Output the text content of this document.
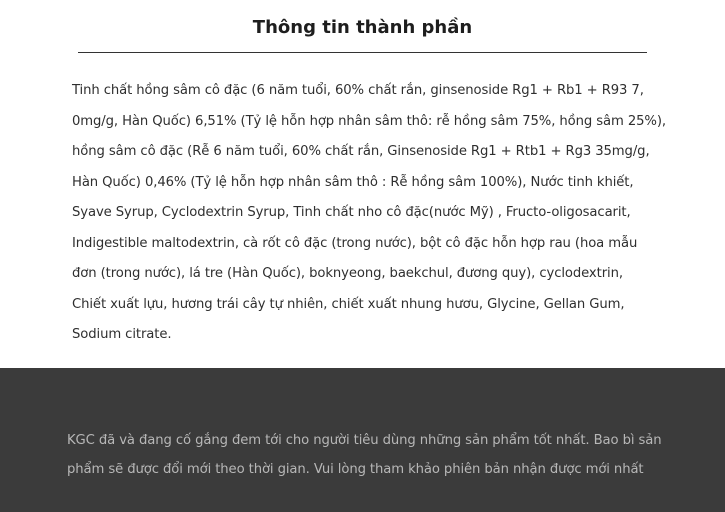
Thông tin thành phần

Tinh chất hồng sâm cô đặc (6 năm tuổi, 60% chất rắn, ginsenoside Rg1 + Rb1 + R93 7,
0mg/g, Hàn Quốc) 6,51% (Tỷ lệ hỗn hợp nhân sâm thô: rễ hồng sâm 75%, hồng sâm 25%),
hồng sâm cô đặc (Rễ 6 năm tuổi, 60% chất rắn, Ginsenoside Rg1 + Rtb1 + Rg3 35mg/g,
Hàn Quốc) 0,46% (Tỷ lệ hỗn hợp nhân sâm thô : Rễ hồng sâm 100%), Nước tinh khiết,
Syave Syrup, Cyclodextrin Syrup, Tinh chất nho cô đặc(nước Mỹ) , Fructo-oligosacarit,
Indigestible maltodextrin, cà rốt cô đặc (trong nước), bột cô đặc hỗn hợp rau (hoa mẫu
đơn (trong nước), lá tre (Hàn Quốc), boknyeong, baekchul, đương quy), cyclodextrin,
Chiết xuất lựu, hương trái cây tự nhiên, chiết xuất nhung hươu, Glycine, Gellan Gum,
Sodium citrate.

KGC đã và đang cố gắng đem tới cho người tiêu dùng những sản phẩm tốt nhất. Bao bì sản
phẩm sẽ được đổi mới theo thời gian. Vui lòng tham khảo phiên bản nhận được mới nhất
